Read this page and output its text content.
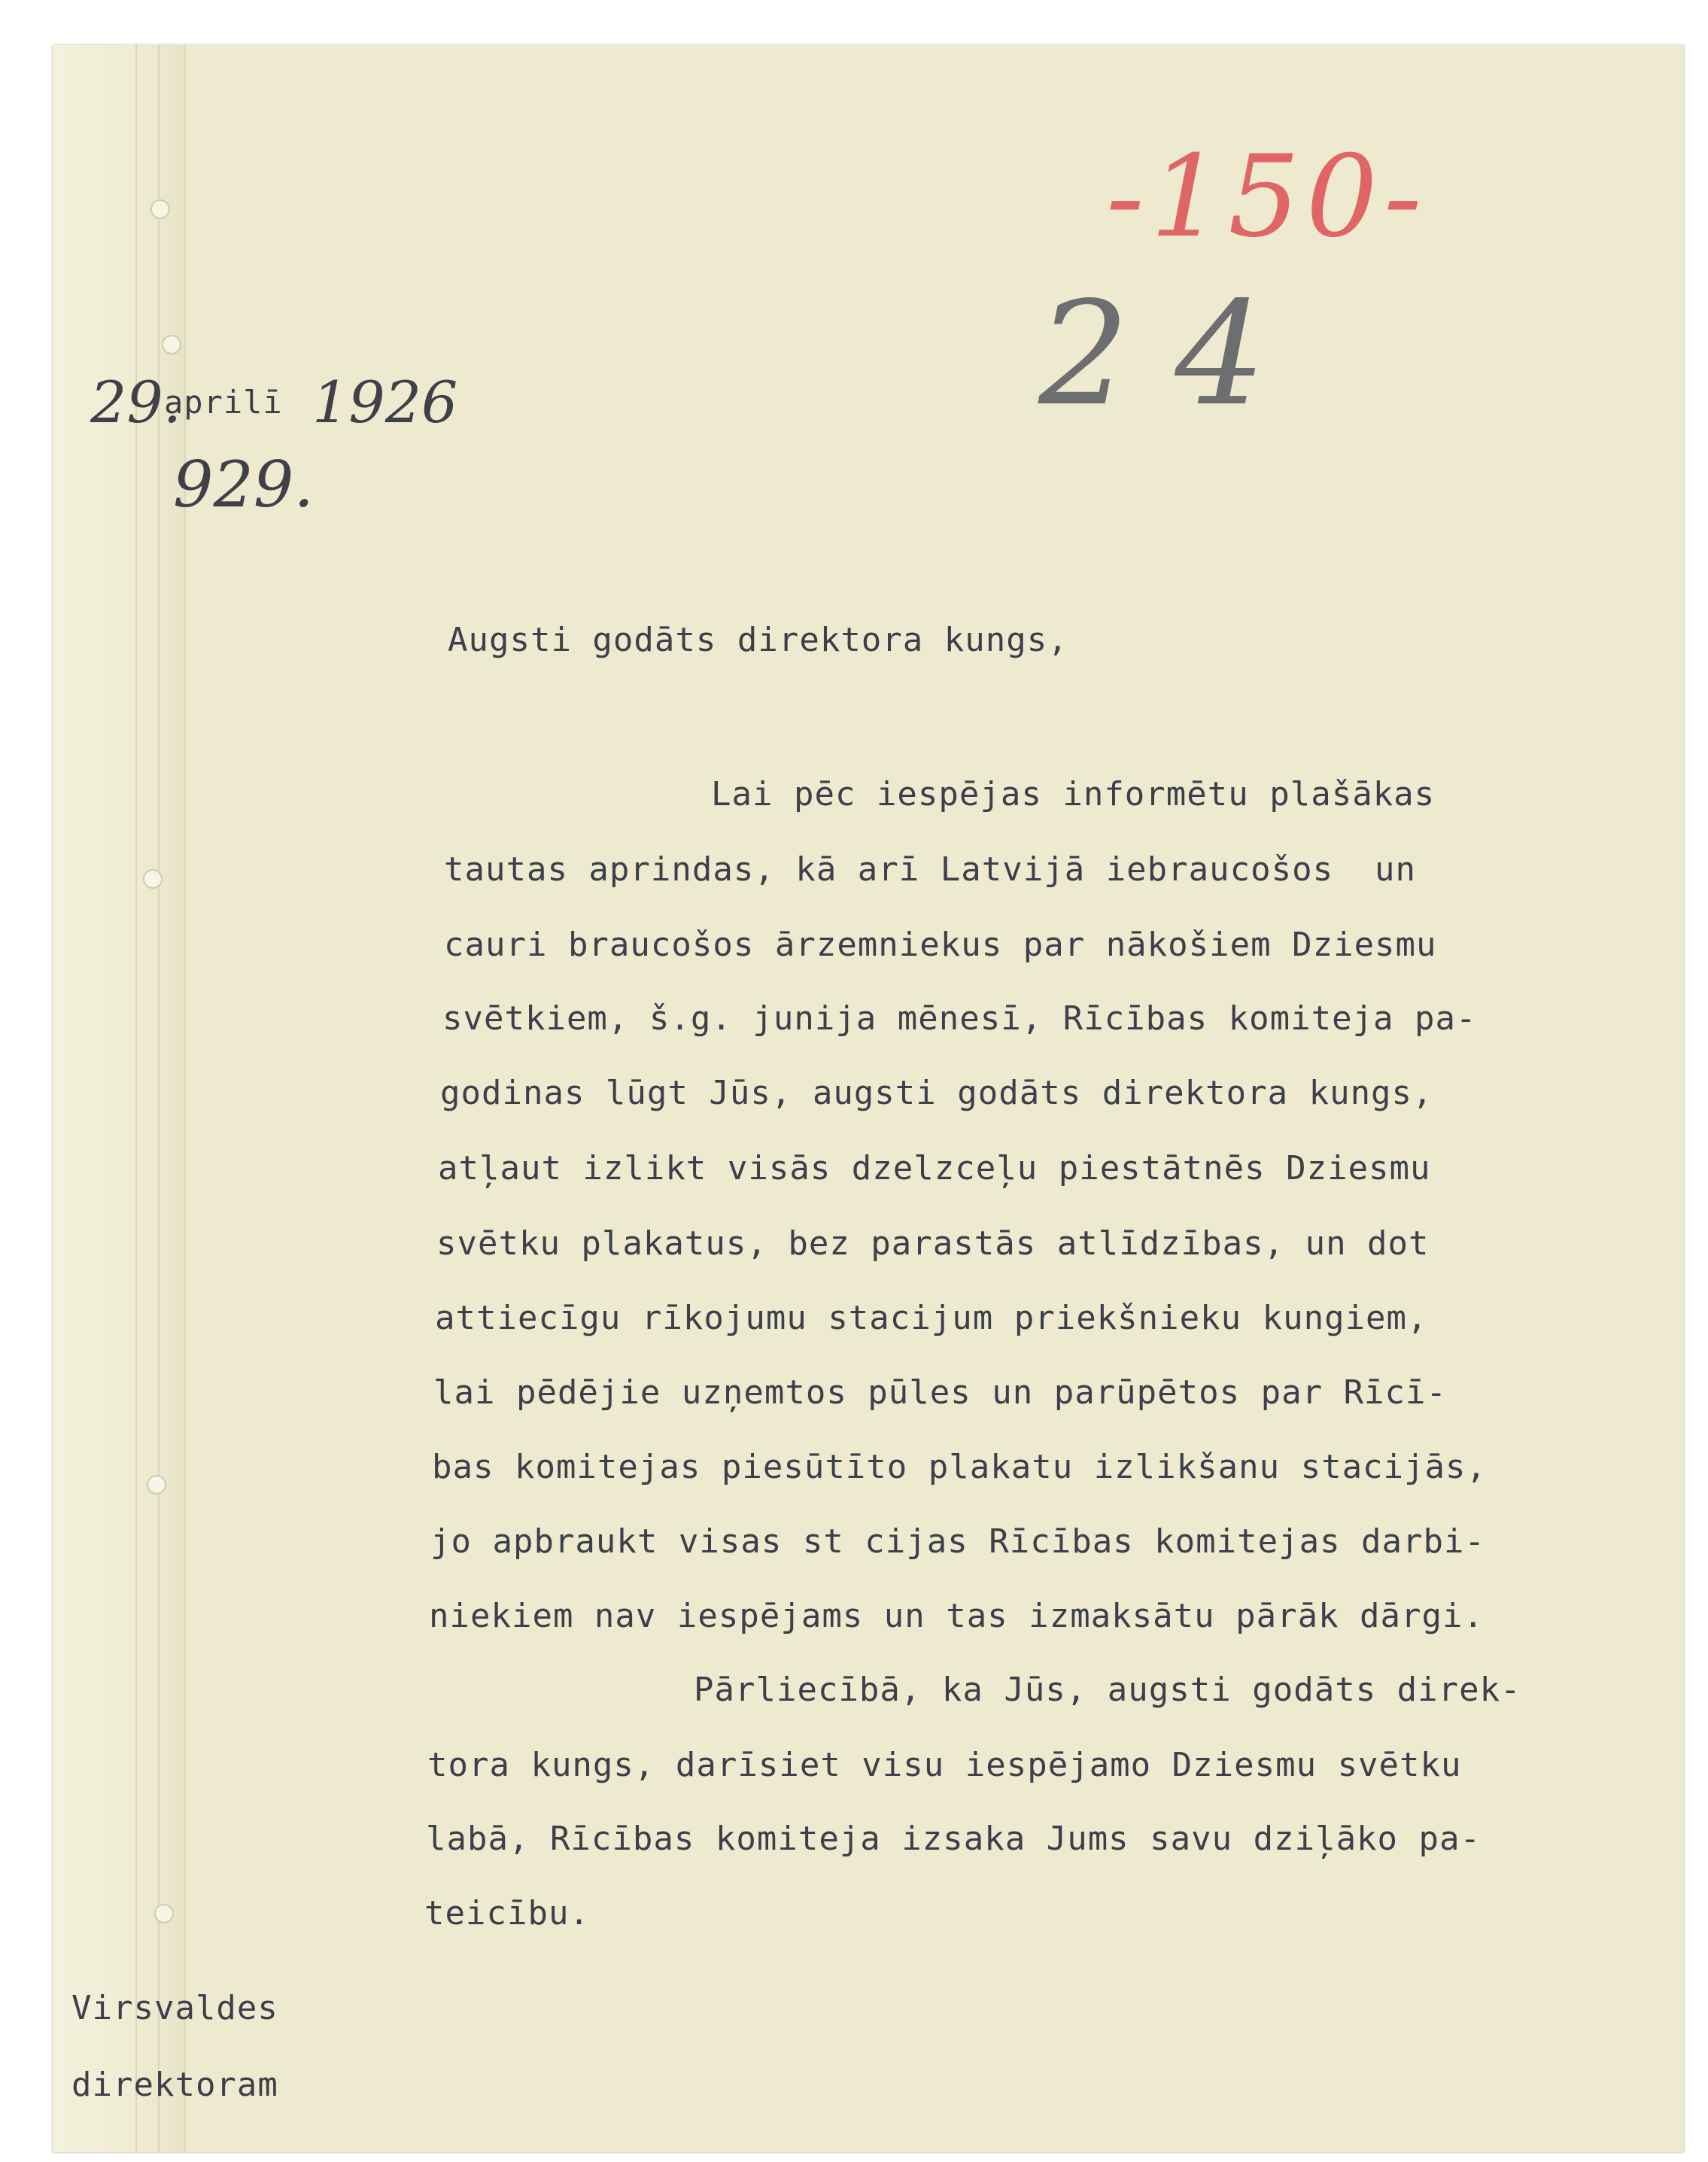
-150-
2 4
29.
aprilī 1926
929.
Augsti godāts direktora kungs,
Lai pēc iespējas informētu plašākas
tautas aprindas, kā arī Latvijā iebraucošos  un
cauri braucošos ārzemniekus par nākošiem Dziesmu
svētkiem, š.g. junija mēnesī, Rīcības komiteja pa-
godinas lūgt Jūs, augsti godāts direktora kungs,
atļaut izlikt visās dzelzceļu piestātnēs Dziesmu
svētku plakatus, bez parastās atlīdzības, un dot
attiecīgu rīkojumu stacijum priekšnieku kungiem,
lai pēdējie uzņemtos pūles un parūpētos par Rīcī-
bas komitejas piesūtīto plakatu izlikšanu stacijās,
jo apbraukt visas st cijas Rīcības komitejas darbi-
niekiem nav iespējams un tas izmaksātu pārāk dārgi.
Pārliecībā, ka Jūs, augsti godāts direk-
tora kungs, darīsiet visu iespējamo Dziesmu svētku
labā, Rīcības komiteja izsaka Jums savu dziļāko pa-
teicību.
Virsvaldes
direktoram
